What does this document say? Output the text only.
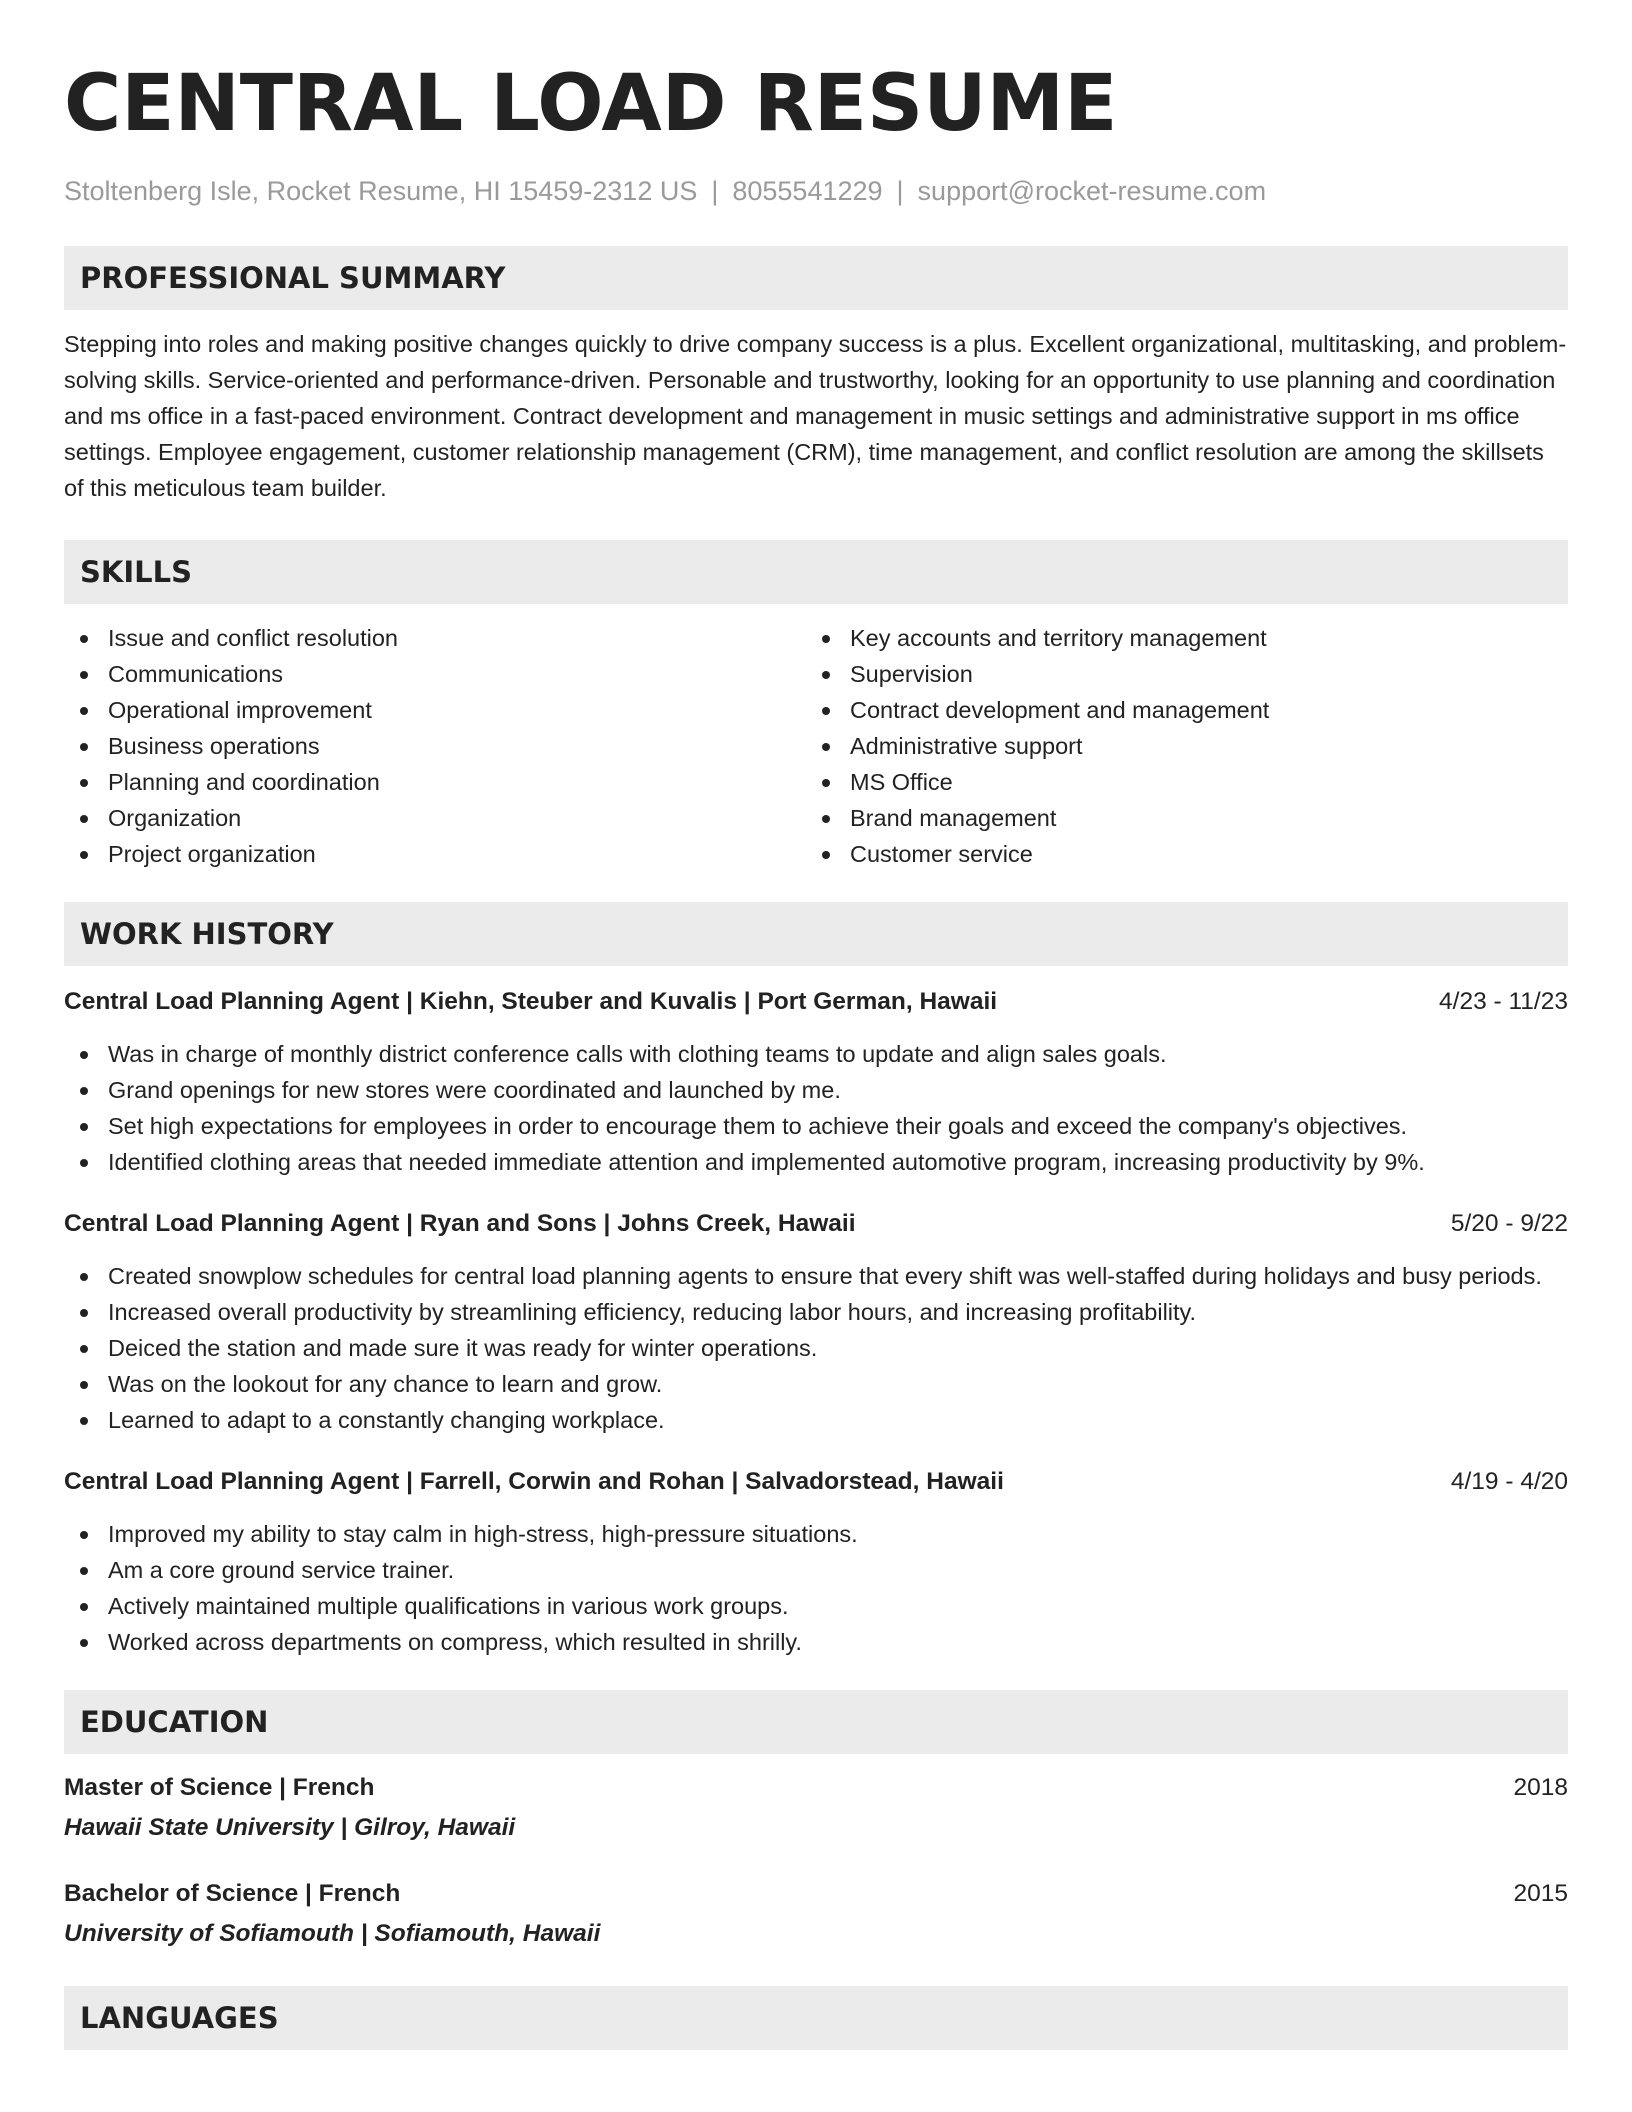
CENTRAL LOAD RESUME
Stoltenberg Isle, Rocket Resume, HI 15459-2312 US | 8055541229 | support@rocket-resume.com
PROFESSIONAL SUMMARY

Stepping into roles and making positive changes quickly to drive company success is a plus. Excellent organizational, multitasking, and problem-solving skills. Service-oriented and performance-driven. Personable and trustworthy, looking for an opportunity to use planning and coordination and ms office in a fast-paced environment. Contract development and management in music settings and administrative support in ms office settings. Employee engagement, customer relationship management (CRM), time management, and conflict resolution are among the skillsets of this meticulous team builder.

SKILLS
Issue and conflict resolution
Communications
Operational improvement
Business operations
Planning and coordination
Organization
Project organization
Key accounts and territory management
Supervision
Contract development and management
Administrative support
MS Office
Brand management
Customer service
WORK HISTORY
Central Load Planning Agent | Kiehn, Steuber and Kuvalis | Port German, Hawaii	4/23 - 11/23
Was in charge of monthly district conference calls with clothing teams to update and align sales goals.
Grand openings for new stores were coordinated and launched by me.
Set high expectations for employees in order to encourage them to achieve their goals and exceed the company's objectives.
Identified clothing areas that needed immediate attention and implemented automotive program, increasing productivity by 9%.
Central Load Planning Agent | Ryan and Sons | Johns Creek, Hawaii	5/20 - 9/22
Created snowplow schedules for central load planning agents to ensure that every shift was well-staffed during holidays and busy periods.
Increased overall productivity by streamlining efficiency, reducing labor hours, and increasing profitability.
Deiced the station and made sure it was ready for winter operations.
Was on the lookout for any chance to learn and grow.
Learned to adapt to a constantly changing workplace.
Central Load Planning Agent | Farrell, Corwin and Rohan | Salvadorstead, Hawaii	4/19 - 4/20
Improved my ability to stay calm in high-stress, high-pressure situations.
Am a core ground service trainer.
Actively maintained multiple qualifications in various work groups.
Worked across departments on compress, which resulted in shrilly.
EDUCATION
Master of Science | French	2018
Hawaii State University | Gilroy, Hawaii
Bachelor of Science | French	2015
University of Sofiamouth | Sofiamouth, Hawaii
LANGUAGES
